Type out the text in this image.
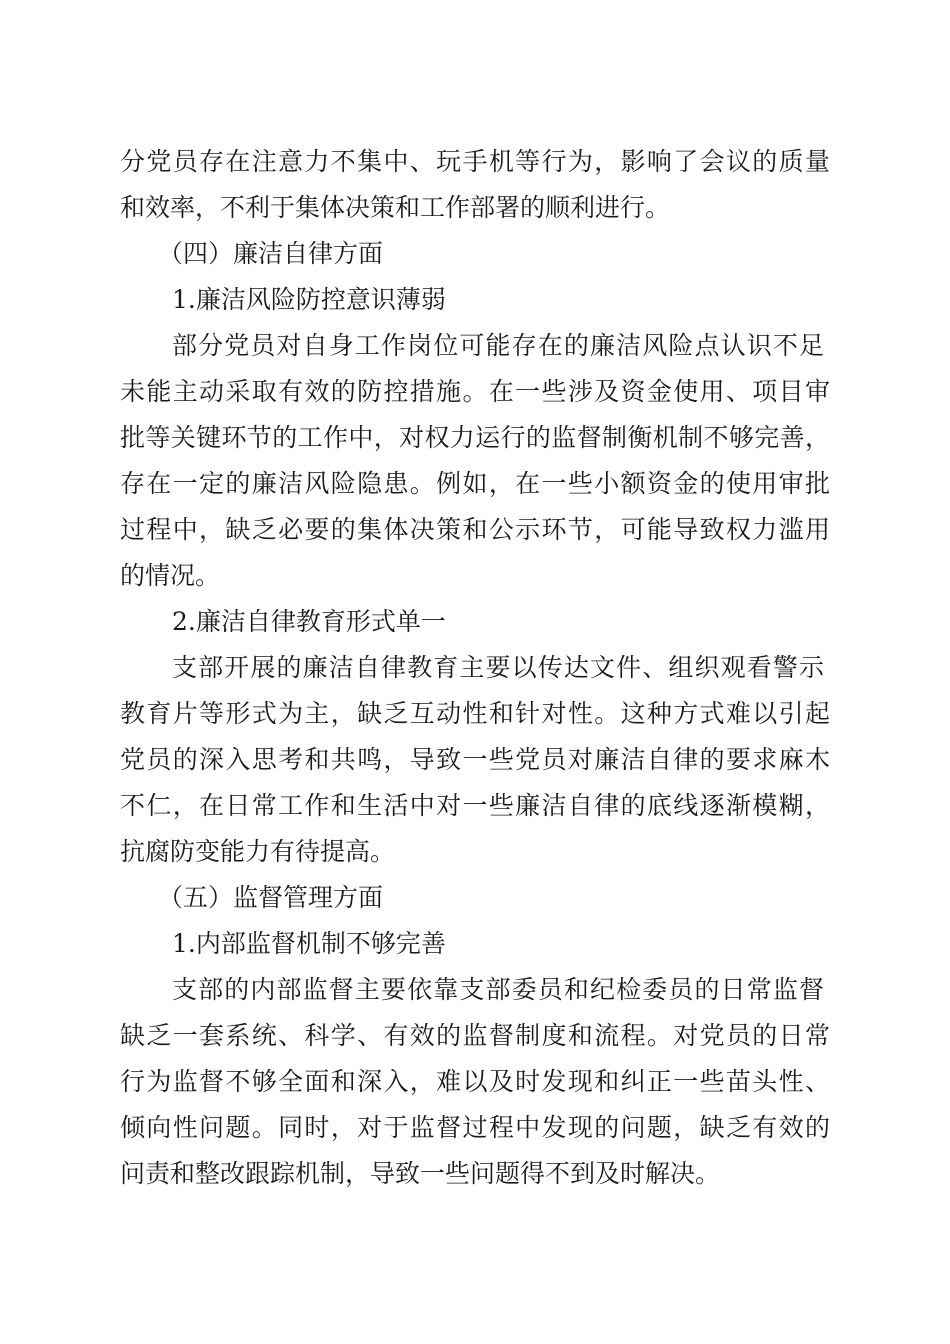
分党员存在注意力不集中、玩手机等行为，影响了会议的质量
和效率，不利于集体决策和工作部署的顺利进行。
（四）廉洁自律方面
1.廉洁风险防控意识薄弱
部分党员对自身工作岗位可能存在的廉洁风险点认识不足
未能主动采取有效的防控措施。在一些涉及资金使用、项目审
批等关键环节的工作中，对权力运行的监督制衡机制不够完善，
存在一定的廉洁风险隐患。例如，在一些小额资金的使用审批
过程中，缺乏必要的集体决策和公示环节，可能导致权力滥用
的情况。
2.廉洁自律教育形式单一
支部开展的廉洁自律教育主要以传达文件、组织观看警示
教育片等形式为主，缺乏互动性和针对性。这种方式难以引起
党员的深入思考和共鸣，导致一些党员对廉洁自律的要求麻木
不仁，在日常工作和生活中对一些廉洁自律的底线逐渐模糊，
抗腐防变能力有待提高。
（五）监督管理方面
1.内部监督机制不够完善
支部的内部监督主要依靠支部委员和纪检委员的日常监督
缺乏一套系统、科学、有效的监督制度和流程。对党员的日常
行为监督不够全面和深入，难以及时发现和纠正一些苗头性、
倾向性问题。同时，对于监督过程中发现的问题，缺乏有效的
问责和整改跟踪机制，导致一些问题得不到及时解决。
